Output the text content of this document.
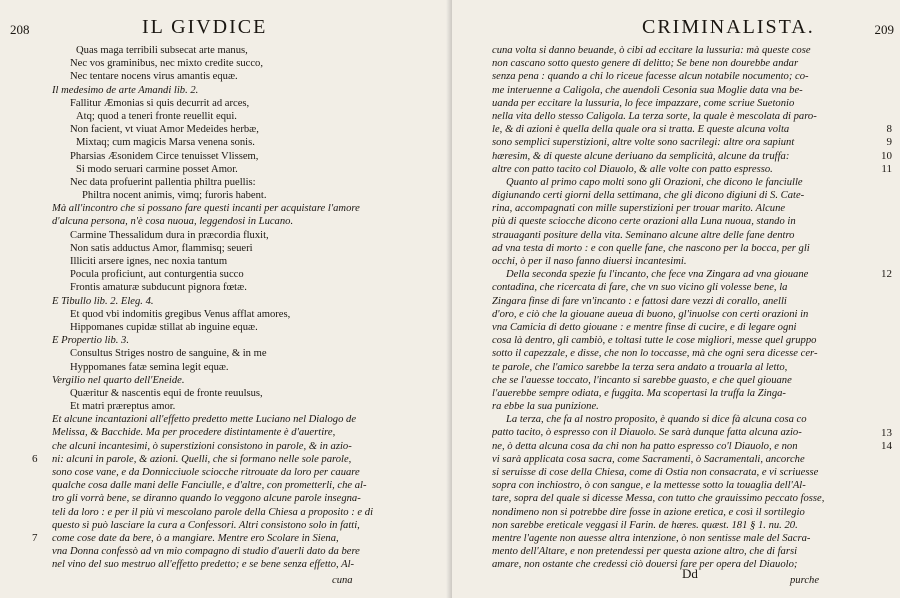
208	IL GIVDICE
Quas maga terribili subsecat arte manus,
Nec vos graminibus, nec mixto credite succo,
Nec tentare nocens virus amantis equæ.
Il medesimo de arte Amandi lib. 2.
Fallitur Æmonias si quis decurrit ad arces,
Atq; quod a teneri fronte reuellit equi.
Non facient, vt viuat Amor Medeides herbæ,
Mixtaq; cum magicis Marsa venena sonis.
Pharsias Æsonidem Circe tenuisset Vlissem,
Si modo seruari carmine posset Amor.
Nec data profuerint pallentia philtra puellis:
Philtra nocent animis, vimq; furoris habent.
Mà all'incontro che si possano fare questi incanti per acquistare l'amore
d'alcuna persona, n'è cosa nuoua, leggendosi in Lucano.
Carmine Thessalidum dura in præcordia fluxit,
Non satis adductus Amor, flammisq; seueri
Illiciti arsere ignes, nec noxia tantum
Pocula proficiunt, aut conturgentia succo
Frontis amaturæ subducunt pignora fœtæ.
E Tibullo lib. 2. Eleg. 4.
Et quod vbi indomitis gregibus Venus afflat amores,
Hippomanes cupidæ stillat ab inguine equæ.
E Propertio lib. 3.
Consultus Striges nostro de sanguine, & in me
Hyppomanes fatæ semina legit equæ.
Vergilio nel quarto dell'Eneide.
Quæritur & nascentis equi de fronte reuulsus,
Et matri præreptus amor.
Et alcune incantazioni all'effetto predetto mette Luciano nel Dialogo de
Melissa, & Bacchide. Ma per procedere distintamente è d'auertire,
che alcuni incantesimi, ò superstizioni consistono in parole, & in azio-
ni: alcuni in parole, & azioni. Quelli, che si formano nelle sole parole,
sono cose vane, e da Donnicciuole sciocche ritrouate da loro per cauare
qualche cosa dalle mani delle Fanciulle, e d'altre, con prometterli, che al-
tro gli vorrà bene, se diranno quando lo veggono alcune parole insegna-
teli da loro : e per il più vi mescolano parole della Chiesa a proposito : e di
questo sì può lasciare la cura a Confessori. Altri consistono solo in fatti,
come cose date da bere, ò a mangiare. Mentre ero Scolare in Siena,
vna Donna confessò ad vn mio compagno di studio d'auerli dato da bere
nel vino del suo mestruo all'effetto predetto; e se bene senza effetto, Al-
6
7
cuna
CRIMINALISTA.	209
cuna volta si danno beuande, ò cibi ad eccitare la lussuria: mà queste cose
non cascano sotto questo genere di delitto; Se bene non dourebbe andar
senza pena : quando a chi lo riceue facesse alcun notabile nocumento; co-
me interuenne a Caligola, che auendoli Cesonia sua Moglie data vna be-
uanda per eccitare la lussuria, lo fece impazzare, come scriue Suetonio
nella vita dello stesso Caligola. La terza sorte, la quale è mescolata di paro-
le, & di azioni è quella della quale ora si tratta. E queste alcuna volta
sono semplici superstizioni, altre volte sono sacrilegi: altre ora sapiunt
hæresim, & di queste alcune deriuano da semplicità, alcune da truffa:
altre con patto tacito col Diauolo, & alle volte con patto espresso.
Quanto al primo capo molti sono gli Orazioni, che dicono le fanciulle
digiunando certi giorni della settimana, che gli dicono digiuni di S. Cate-
rina, accompagnati con mille superstizioni per trouar marito. Alcune
più di queste sciocche dicono certe orazioni alla Luna nuoua, stando in
strauaganti positure della vita. Seminano alcune altre delle fane dentro
ad vna testa di morto : e con quelle fane, che nascono per la bocca, per gli
occhi, ò per il naso fanno diuersi incantesimi.
Della seconda spezie fu l'incanto, che fece vna Zingara ad vna giouane
contadina, che ricercata di fare, che vn suo vicino gli volesse bene, la
Zingara finse di fare vn'incanto : e fattosi dare vezzi di corallo, anelli
d'oro, e ciò che la giouane aueua di buono, gl'inuolse con certi orazioni in
vna Camicia di detto giouane : e mentre finse di cucire, e di legare ogni
cosa là dentro, gli cambiò, e toltasi tutte le cose migliori, messe quel gruppo
sotto il capezzale, e disse, che non lo toccasse, mà che ogni sera dicesse cer-
te parole, che l'amico sarebbe la terza sera andato a trouarla al letto,
che se l'auesse toccato, l'incanto si sarebbe guasto, e che quel giouane
l'auerebbe sempre odiata, e fuggita. Ma scopertasi la truffa la Zinga-
ra ebbe la sua punizione.
La terza, che fa al nostro proposito, è quando si dice fà alcuna cosa co
patto tacito, ò espresso con il Diauolo. Se sarà dunque fatta alcuna azio-
ne, ò detta alcuna cosa da chi non ha patto espresso co'l Diauolo, e non
vi sarà applicata cosa sacra, come Sacramenti, ò Sacramentali, ancorche
si seruisse di cose della Chiesa, come di Ostia non consacrata, e vi scriuesse
sopra con inchiostro, ò con sangue, e la mettesse sotto la touaglia dell'Al-
tare, sopra del quale si dicesse Messa, con tutto che grauissimo peccato fosse,
nondimeno non si potrebbe dire fosse in azione eretica, e così il sortilegio
non sarebbe ereticale veggasi il Farin. de hæres. quæst. 181 § 1. nu. 20.
mentre l'agente non auesse altra intenzione, ò non sentisse male del Sacra-
mento dell'Altare, e non pretendessi per questa azione altro, che di farsi
amare, non ostante che credessi ciò douersi fare per opera del Diauolo;
8
9
10
11
12
13
14
Dd	purche
